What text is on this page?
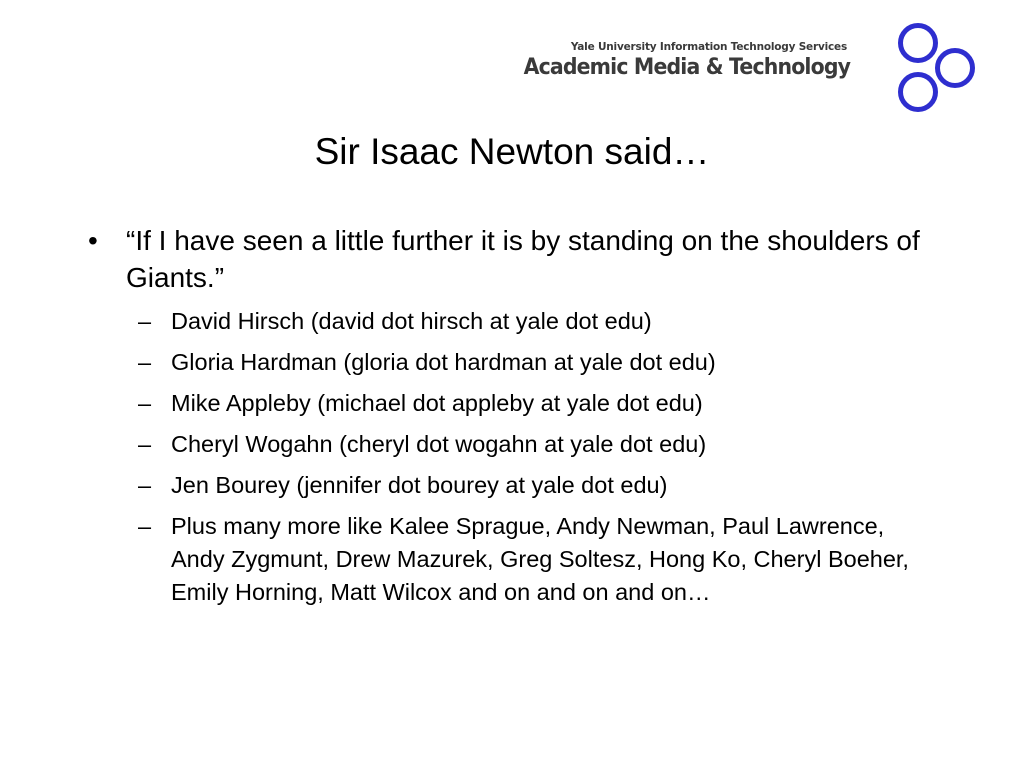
Yale University Information Technology Services
Academic Media & Technology
Sir Isaac Newton said…
• “If I have seen a little further it is by standing on the shoulders of Giants.”
– David Hirsch (david dot hirsch at yale dot edu)
– Gloria Hardman (gloria dot hardman at yale dot edu)
– Mike Appleby (michael dot appleby at yale dot edu)
– Cheryl Wogahn (cheryl dot wogahn at yale dot edu)
– Jen Bourey (jennifer dot bourey at yale dot edu)
– Plus many more like Kalee Sprague, Andy Newman, Paul Lawrence, Andy Zygmunt, Drew Mazurek, Greg Soltesz, Hong Ko, Cheryl Boeher, Emily Horning, Matt Wilcox and on and on and on…
